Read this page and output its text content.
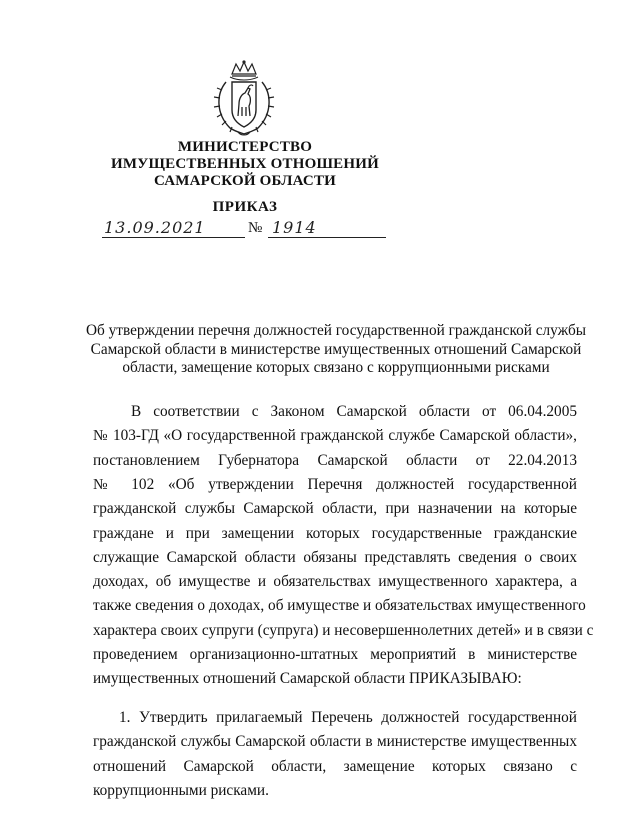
МИНИСТЕРСТВО
ИМУЩЕСТВЕННЫХ ОТНОШЕНИЙ
САМАРСКОЙ ОБЛАСТИ
ПРИКАЗ
13.09.2021	№ 1914
Об утверждении перечня должностей государственной гражданской службы
Самарской области в министерстве имущественных отношений Самарской
области, замещение которых связано с коррупционными рисками
В соответствии с Законом Самарской области от 06.04.2005
№ 103-ГД «О государственной гражданской службе Самарской области»,
постановлением Губернатора Самарской области от 22.04.2013
№ 102 «Об утверждении Перечня должностей государственной
гражданской службы Самарской области, при назначении на которые
граждане и при замещении которых государственные гражданские
служащие Самарской области обязаны представлять сведения о своих
доходах, об имуществе и обязательствах имущественного характера, а
также сведения о доходах, об имуществе и обязательствах имущественного
характера своих супруги (супруга) и несовершеннолетних детей» и в связи с
проведением организационно-штатных мероприятий в министерстве
имущественных отношений Самарской области ПРИКАЗЫВАЮ:
1. Утвердить прилагаемый Перечень должностей государственной
гражданской службы Самарской области в министерстве имущественных
отношений Самарской области, замещение которых связано с
коррупционными рисками.
